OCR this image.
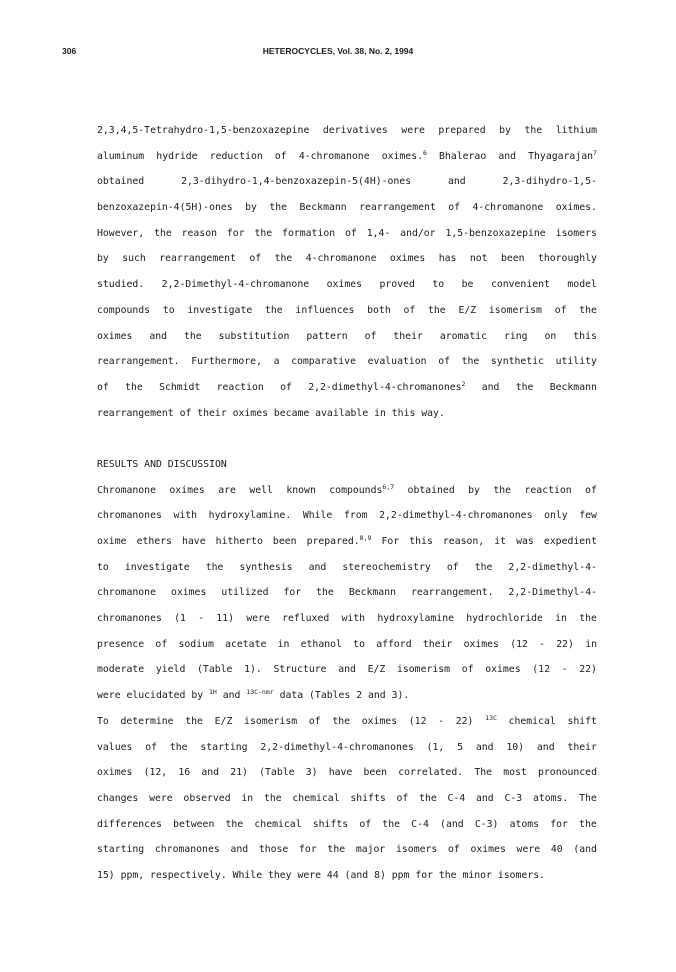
306	HETEROCYCLES, Vol. 38, No. 2, 1994
2,3,4,5-Tetrahydro-1,5-benzoxazepine derivatives were prepared by the lithium
aluminum hydride reduction of 4-chromanone oximes.$^6$ Bhalerao and Thyagarajan$^7$
obtained	2,3-dihydro-1,4-benzoxazepin-5(4H)-ones	and	2,3-dihydro-1,5-
benzoxazepin-4(5H)-ones by the Beckmann rearrangement of 4-chromanone oximes.
However, the reason for the formation of 1,4- and/or 1,5-benzoxazepine isomers
by such rearrangement of the 4-chromanone oximes has not been thoroughly
studied. 2,2-Dimethyl-4-chromanone oximes proved to be convenient model
compounds to investigate the influences both of the E/Z isomerism of the
oximes and the substitution pattern of their aromatic ring on this
rearrangement. Furthermore, a comparative evaluation of the synthetic utility
of the Schmidt reaction of 2,2-dimethyl-4-chromanones$^2$ and the Beckmann
rearrangement of their oximes became available in this way.
RESULTS AND DISCUSSION
Chromanone oximes are well known compounds$^{6,7}$ obtained by the reaction of
chromanones with hydroxylamine. While from 2,2-dimethyl-4-chromanones only few
oxime ethers have hitherto been prepared.$^{8,9}$ For this reason, it was expedient
to investigate the synthesis and stereochemistry of the 2,2-dimethyl-4-
chromanone oximes utilized for the Beckmann rearrangement. 2,2-Dimethyl-4-
chromanones (1 - 11) were refluxed with hydroxylamine hydrochloride in the
presence of sodium acetate in ethanol to afford their oximes (12 - 22) in
moderate yield (Table 1). Structure and E/Z isomerism of oximes (12 - 22)
were elucidated by $^{1H}$ and $^{13C-nmr}$ data (Tables 2 and 3).
To determine the E/Z isomerism of the oximes (12 - 22) $^{13C}$ chemical shift
values of the starting 2,2-dimethyl-4-chromanones (1, 5 and 10) and their
oximes (12, 16 and 21) (Table 3) have been correlated. The most pronounced
changes were observed in the chemical shifts of the C-4 and C-3 atoms. The
differences between the chemical shifts of the C-4 (and C-3) atoms for the
starting chromanones and those for the major isomers of oximes were 40 (and
15) ppm, respectively. While they were 44 (and 8) ppm for the minor isomers.
